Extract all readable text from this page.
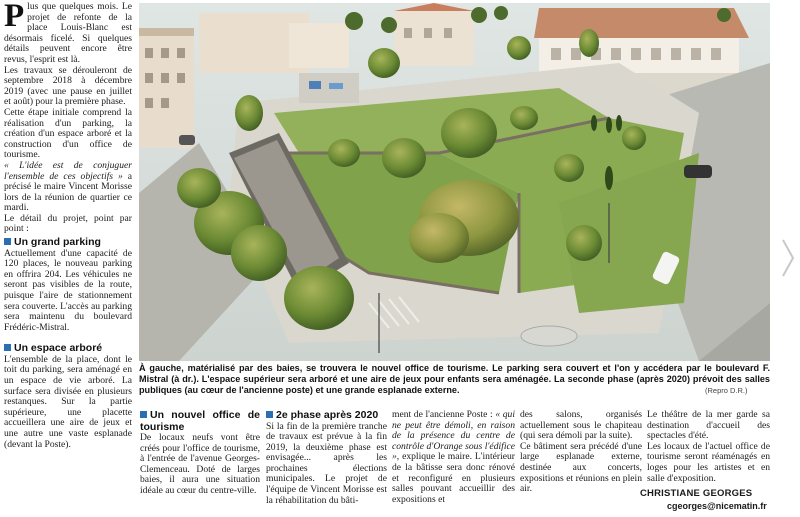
Plus que quelques mois. Le projet de refonte de la place Louis-Blanc est désormais ficelé. Si quelques détails peuvent encore être revus, l'esprit est là.

Les travaux se dérouleront de septembre 2018 à décembre 2019 (avec une pause en juillet et août) pour la première phase.

Cette étape initiale comprend la réalisation d'un parking, la création d'un espace arboré et la construction d'un office de tourisme.

« L'idée est de conjuguer l'ensemble de ces objectifs » a précisé le maire Vincent Morisse lors de la réunion de quartier ce mardi.

Le détail du projet, point par point :

Un grand parking

Actuellement d'une capacité de 120 places, le nouveau parking en offrira 204. Les véhicules ne seront pas visibles de la route, puisque l'aire de stationnement sera couverte. L'accès au parking sera maintenu du boulevard Frédéric-Mistral.

Un espace arboré

L'ensemble de la place, dont le toit du parking, sera aménagé en un espace de vie arboré. La surface sera divisée en plusieurs restanques. Sur la partie supérieure, une placette accueillera une aire de jeux et une autre une vaste esplanade (devant la Poste).

À gauche, matérialisé par des baies, se trouvera le nouvel office de tourisme. Le parking sera couvert et l'on y accédera par le boulevard F. Mistral (à dr.). L'espace supérieur sera arboré et une aire de jeux pour enfants sera aménagée. La seconde phase (après 2020) prévoit des salles publiques (au cœur de l'ancienne poste) et une grande esplanade externe.	(Repro D.R.)

Un nouvel office de tourisme

De locaux neufs vont être créés pour l'office de tourisme, à l'entrée de l'avenue Georges-Clemenceau. Doté de larges baies, il aura une situation idéale au cœur du centre-ville.

2e phase après 2020

Si la fin de la première tranche de travaux est prévue à la fin 2019, la deuxième phase est envisagée... après les prochaines élections municipales. Le projet de l'équipe de Vincent Morisse est la réhabilitation du bâti-

ment de l'ancienne Poste : « qui ne peut être démoli, en raison de la présence du centre de contrôle d'Orange sous l'édifice », explique le maire. L'intérieur de la bâtisse sera donc rénové et reconfiguré en plusieurs salles pouvant accueillir des expositions et

des salons, organisés actuellement sous le chapiteau (qui sera démoli par la suite).

Ce bâtiment sera précédé d'une large esplanade externe, destinée aux concerts, expositions et réunions en plein air.

Le théâtre de la mer garde sa destination d'accueil des spectacles d'été.

Les locaux de l'actuel office de tourisme seront réaménagés en loges pour les artistes et en salle d'exposition.

CHRISTIANE GEORGES
cgeorges@nicematin.fr
